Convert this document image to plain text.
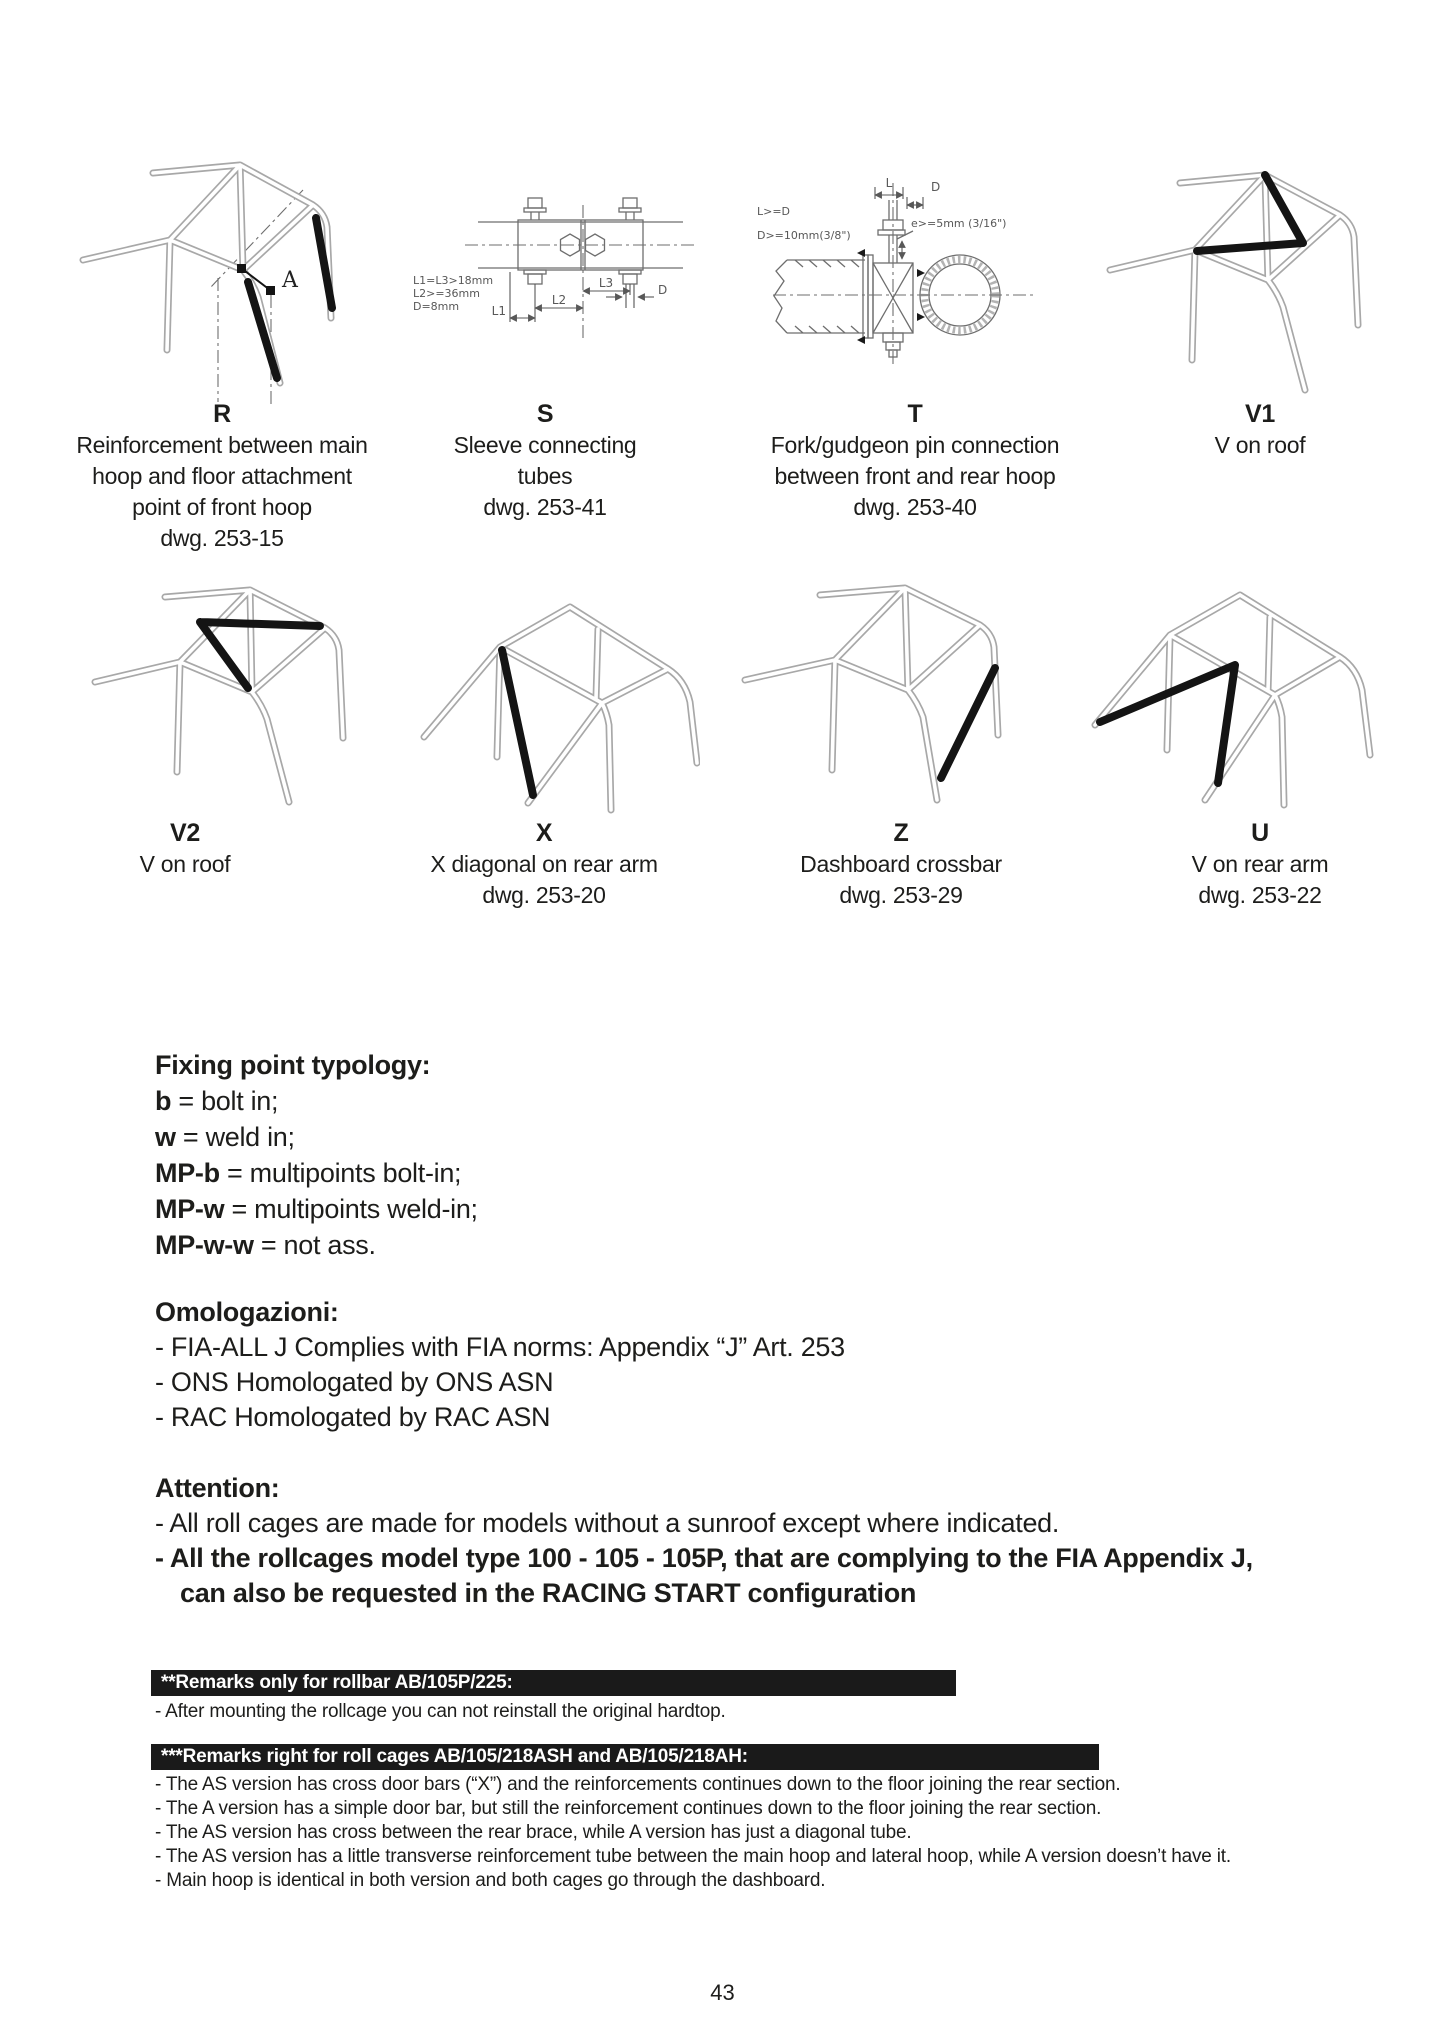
A
L1
L2
L3	D
L1=L3>18mm
L2>=36mm
D=8mm
L	D
L>=D
D>=10mm(3/8")
e>=5mm (3/16")
R
Reinforcement between main
hoop and floor attachment
point of front hoop
dwg. 253-15
S
Sleeve connecting
tubes
dwg. 253-41
T
Fork/gudgeon pin connection
between front and rear hoop
dwg. 253-40
V1
V on roof
V2
V on roof
X
X diagonal on rear arm
dwg. 253-20
Z
Dashboard crossbar
dwg. 253-29
U
V on rear arm
dwg. 253-22
Fixing point typology:
b = bolt in;
w = weld in;
MP-b = multipoints bolt-in;
MP-w = multipoints weld-in;
MP-w-w = not ass.
Omologazioni:
- FIA-ALL J Complies with FIA norms: Appendix “J” Art. 253
- ONS Homologated by ONS ASN
- RAC Homologated by RAC ASN
Attention:
- All roll cages are made for models without a sunroof except where indicated.
- All the rollcages model type 100 - 105 - 105P, that are complying to the FIA Appendix J,
can also be requested in the RACING START configuration
**Remarks only for rollbar AB/105P/225:
- After mounting the rollcage you can not reinstall the original hardtop.
***Remarks right for roll cages AB/105/218ASH and AB/105/218AH:
- The AS version has cross door bars (“X”) and the reinforcements continues down to the floor joining the rear section.
- The A version has a simple door bar, but still the reinforcement continues down to the floor joining the rear section.
- The AS version has cross between the rear brace, while A version has just a diagonal tube.
- The AS version has a little transverse reinforcement tube between the main hoop and lateral hoop, while A version doesn’t have it.
- Main hoop is identical in both version and both cages go through the dashboard.
43
